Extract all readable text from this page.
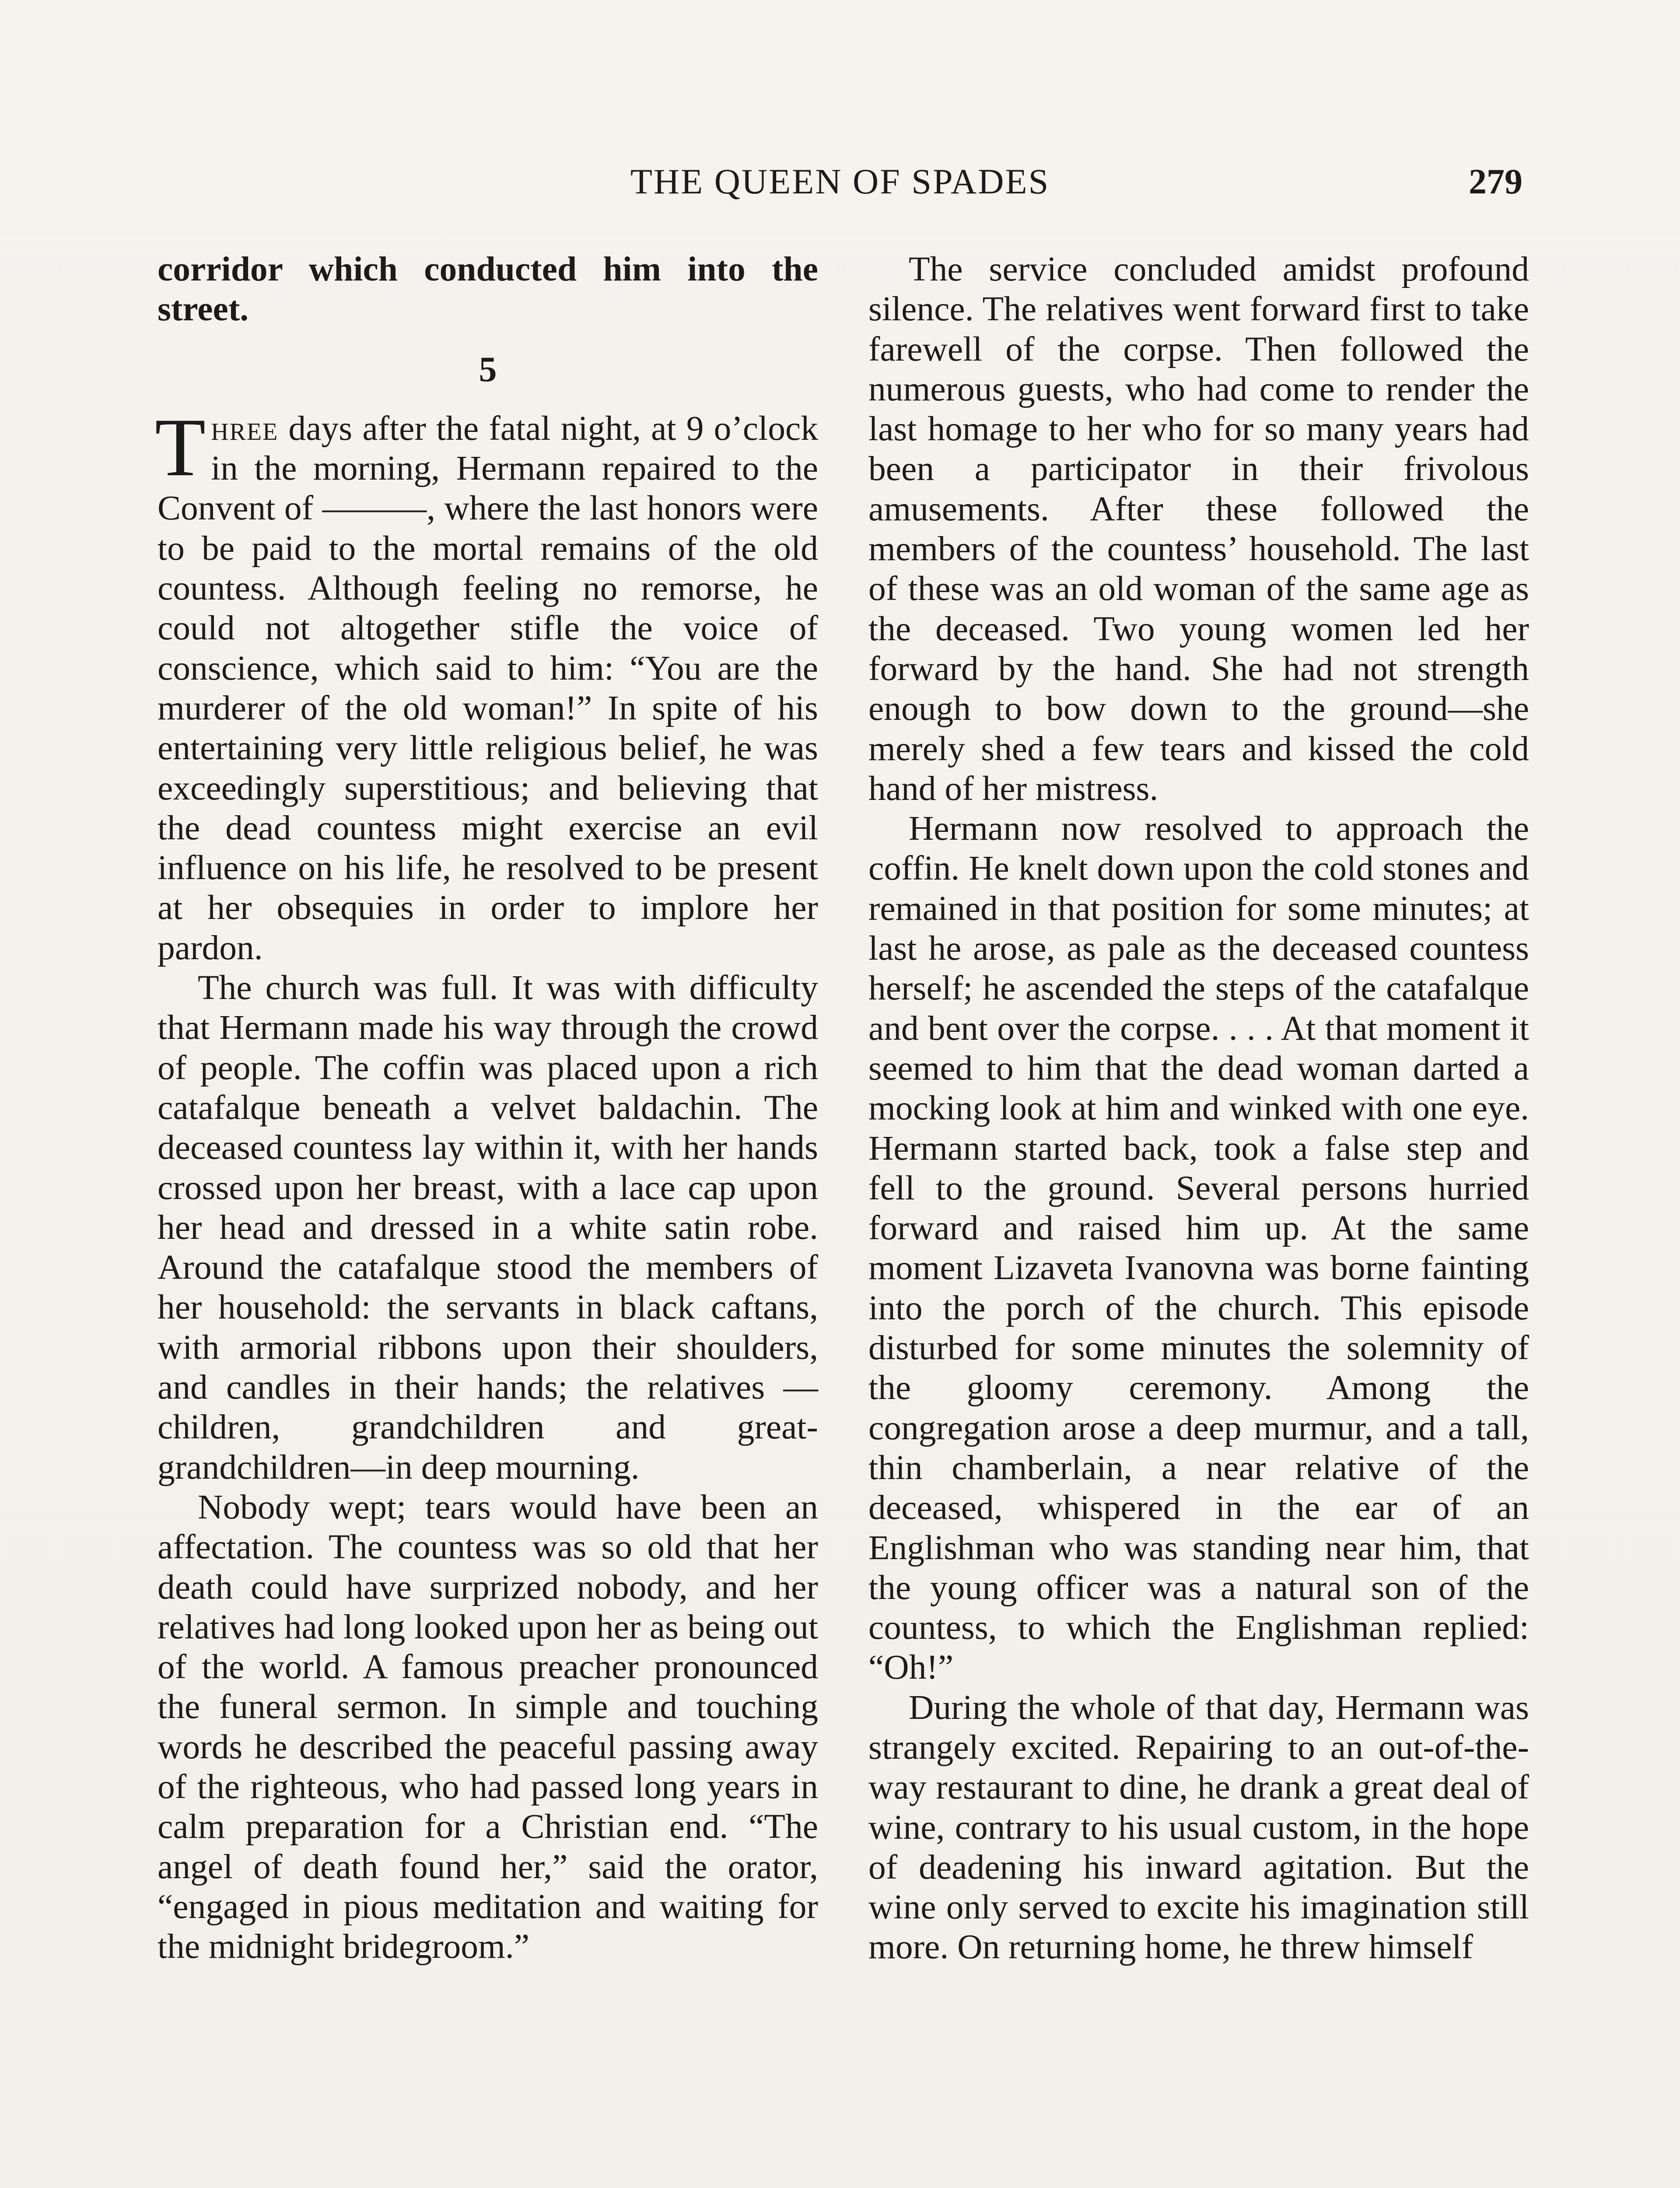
THE QUEEN OF SPADES	279

corridor which conducted him into the street.

5

Three days after the fatal night, at 9 o’clock in the morning, Hermann repaired to the Convent of ———, where the last honors were to be paid to the mortal remains of the old countess. Although feeling no remorse, he could not altogether stifle the voice of conscience, which said to him: “You are the murderer of the old woman!” In spite of his entertaining very little religious belief, he was exceedingly superstitious; and believing that the dead countess might exercise an evil influence on his life, he resolved to be present at her obsequies in order to implore her pardon.

The church was full. It was with difficulty that Hermann made his way through the crowd of people. The coffin was placed upon a rich catafalque beneath a velvet baldachin. The deceased countess lay within it, with her hands crossed upon her breast, with a lace cap upon her head and dressed in a white satin robe. Around the catafalque stood the members of her household: the servants in black caftans, with armorial ribbons upon their shoulders, and candles in their hands; the relatives —children, grandchildren and great-grandchildren—in deep mourning.

Nobody wept; tears would have been an affectation. The countess was so old that her death could have surprized nobody, and her relatives had long looked upon her as being out of the world. A famous preacher pronounced the funeral sermon. In simple and touching words he described the peaceful passing away of the righteous, who had passed long years in calm preparation for a Christian end. “The angel of death found her,” said the orator, “engaged in pious meditation and waiting for the midnight bridegroom.”

The service concluded amidst profound silence. The relatives went forward first to take farewell of the corpse. Then followed the numerous guests, who had come to render the last homage to her who for so many years had been a participator in their frivolous amusements. After these followed the members of the countess’ household. The last of these was an old woman of the same age as the deceased. Two young women led her forward by the hand. She had not strength enough to bow down to the ground—she merely shed a few tears and kissed the cold hand of her mistress.

Hermann now resolved to approach the coffin. He knelt down upon the cold stones and remained in that position for some minutes; at last he arose, as pale as the deceased countess herself; he ascended the steps of the catafalque and bent over the corpse. . . . At that moment it seemed to him that the dead woman darted a mocking look at him and winked with one eye. Hermann started back, took a false step and fell to the ground. Several persons hurried forward and raised him up. At the same moment Lizaveta Ivanovna was borne fainting into the porch of the church. This episode disturbed for some minutes the solemnity of the gloomy ceremony. Among the congregation arose a deep murmur, and a tall, thin chamberlain, a near relative of the deceased, whispered in the ear of an Englishman who was standing near him, that the young officer was a natural son of the countess, to which the Englishman replied: “Oh!”

During the whole of that day, Hermann was strangely excited. Repairing to an out-of-the-way restaurant to dine, he drank a great deal of wine, contrary to his usual custom, in the hope of deadening his inward agitation. But the wine only served to excite his imagination still more. On returning home, he threw himself
